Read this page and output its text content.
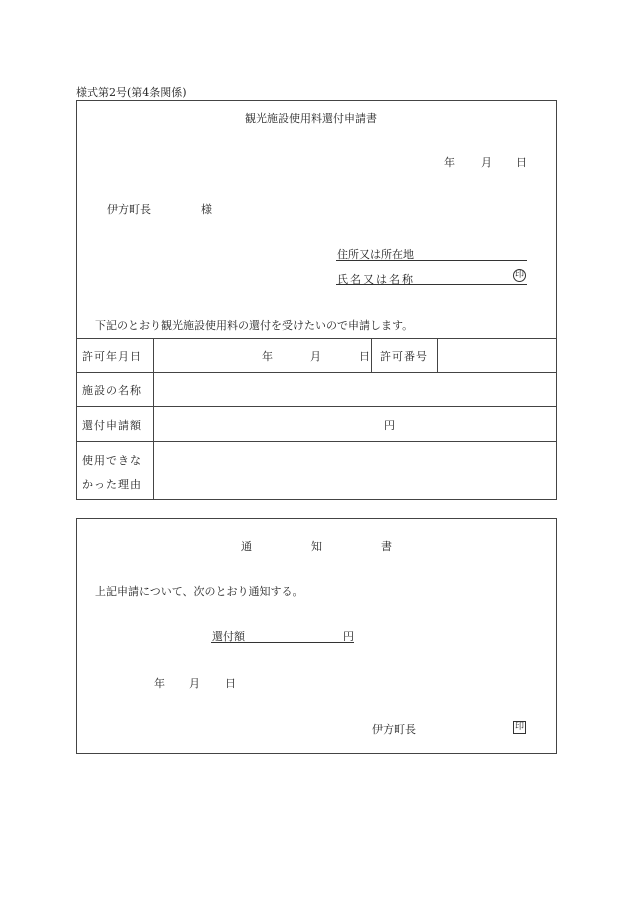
様式第2号(第4条関係)
観光施設使用料還付申請書
年 月 日
伊方町長	様
住所又は所在地
氏名又は名称	印
下記のとおり観光施設使用料の還付を受けたいので申請します。
許可年月日	年	月	日 許可番号
施設の名称
還付申請額	円
使用できな
かった理由
通	知	書
上記申請について、次のとおり通知する。
還付額	円
年 月 日
伊方町長	印
